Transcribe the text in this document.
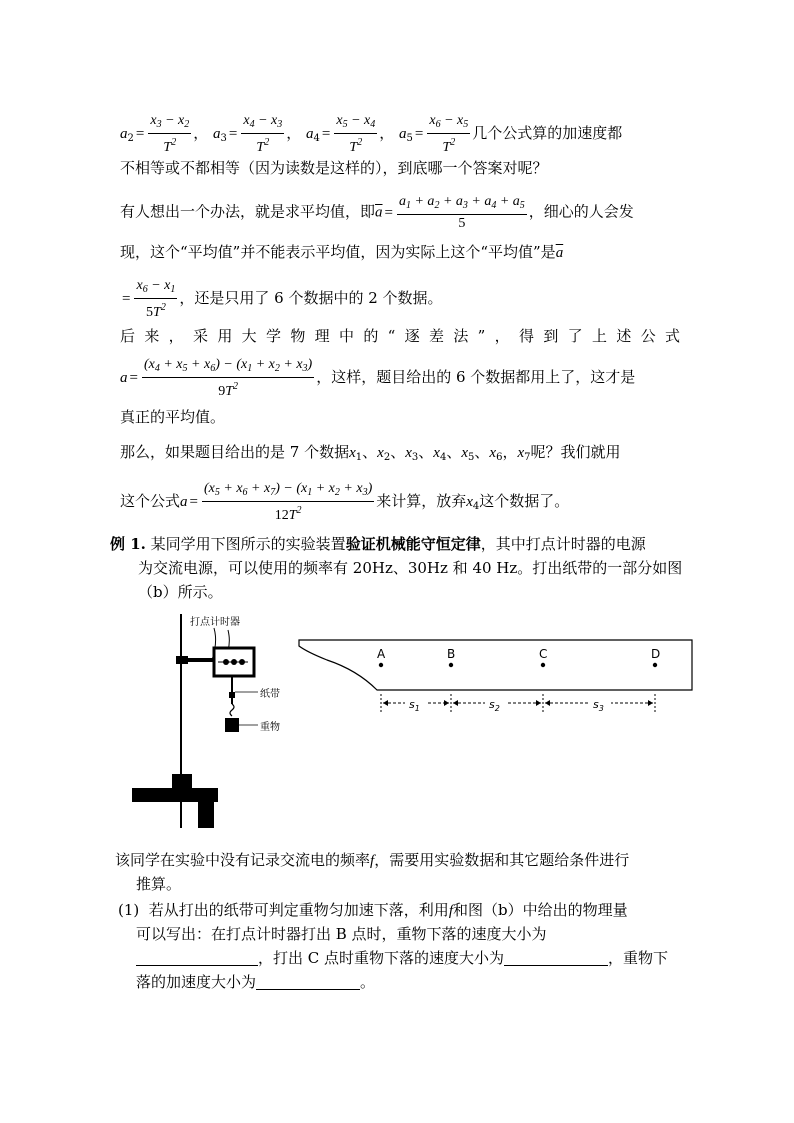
$a_2 = \frac{x_3 - x_2}{T^2}$ ， $a_3 = \frac{x_4 - x_3}{T^2}$ ， $a_4 = \frac{x_5 - x_4}{T^2}$ ， $a_5 = \frac{x_6 - x_5}{T^2}$ 几个公式算的加速度都
不相等或不都相等（因为读数是这样的），到底哪一个答案对呢？
有人想出一个办法，就是求平均值，即$\overline{a} = \frac{a_1 + a_2 + a_3 + a_4 + a_5}{5}$ ，细心的人会发
现，这个“平均值”并不能表示平均值，因为实际上这个“平均值”是$\overline{a}$
= $\frac{x_6 - x_1}{5T^2}$ ，还是只用了 6 个数据中的 2 个数据。
后来，采用大学物理中的“逐差法”，得到了上述公式
$a = \frac{(x_4 + x_5 + x_6) - (x_1 + x_2 + x_3)}{9T^2}$ ，这样，题目给出的 6 个数据都用上了，这才是
真正的平均值。
那么，如果题目给出的是 7 个数据$x_1$、$x_2$、$x_3$、$x_4$、$x_5$、$x_6$，$x_7$呢？我们就用
这个公式$a = \frac{(x_5 + x_6 + x_7) - (x_1 + x_2 + x_3)}{12T^2}$ 来计算，放弃$x_4$这个数据了。
例 1. 某同学用下图所示的实验装置验证机械能守恒定律，其中打点计时器的电源
为交流电源，可以使用的频率有 20Hz、30Hz 和 40 Hz。打出纸带的一部分如图
（b）所示。
打点计时器
纸带
重物
A	B	C	D
$s_1$	$s_2$	$s_3$
该同学在实验中没有记录交流电的频率f，需要用实验数据和其它题给条件进行
推算。
(1) 若从打出的纸带可判定重物匀加速下落，利用f和图（b）中给出的物理量
可以写出：在打点计时器打出 B 点时，重物下落的速度大小为
，打出 C 点时重物下落的速度大小为	，重物下
落的加速度大小为	。
